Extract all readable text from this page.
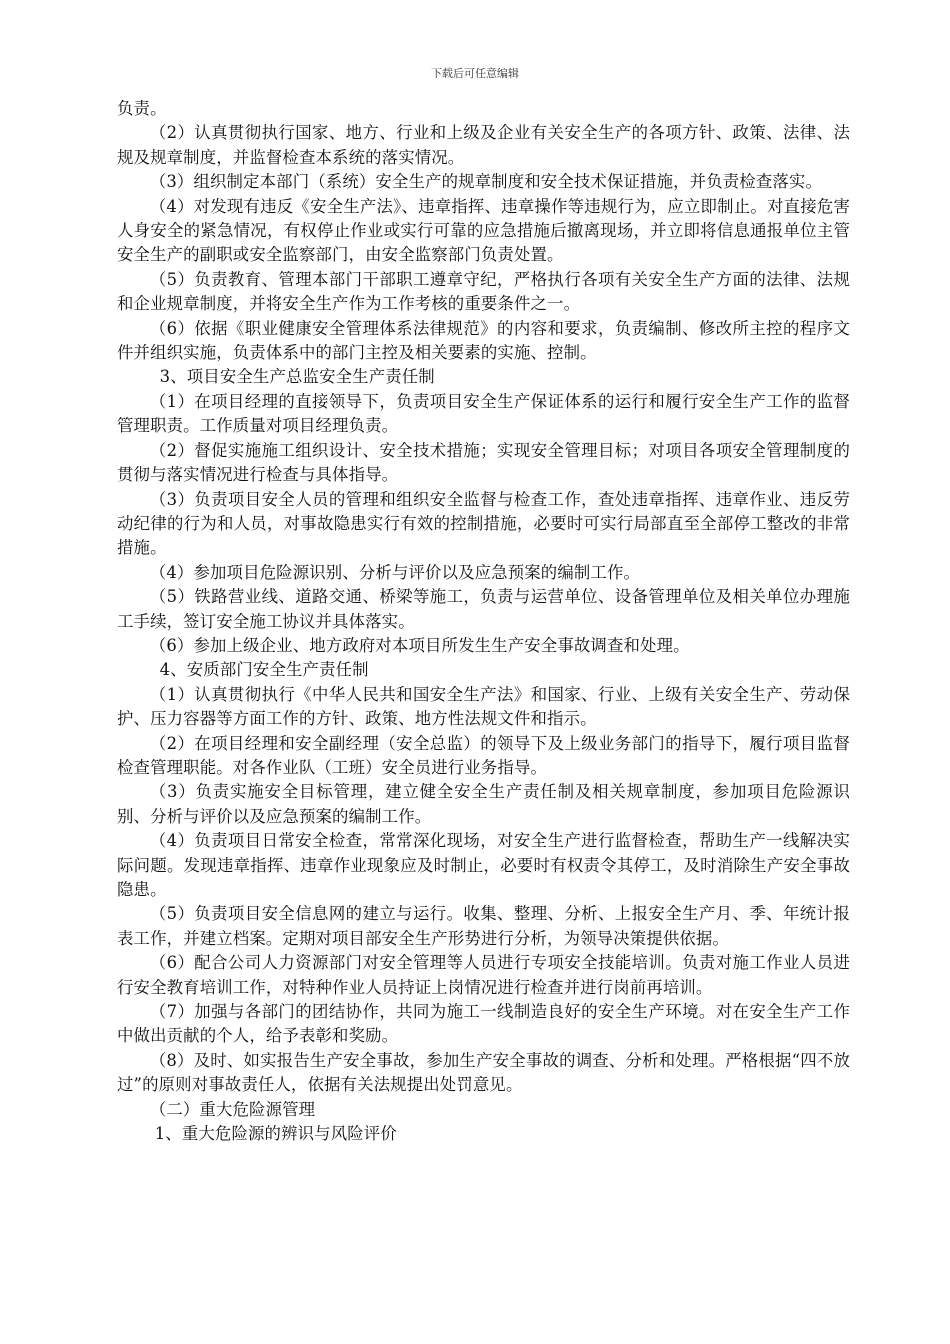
下载后可任意编辑

负责。

（2）认真贯彻执行国家、地方、行业和上级及企业有关安全生产的各项方针、政策、法律、法规及规章制度，并监督检查本系统的落实情况。

（3）组织制定本部门（系统）安全生产的规章制度和安全技术保证措施，并负责检查落实。

（4）对发现有违反《安全生产法》、违章指挥、违章操作等违规行为，应立即制止。对直接危害人身安全的紧急情况，有权停止作业或实行可靠的应急措施后撤离现场，并立即将信息通报单位主管安全生产的副职或安全监察部门，由安全监察部门负责处置。

（5）负责教育、管理本部门干部职工遵章守纪，严格执行各项有关安全生产方面的法律、法规和企业规章制度，并将安全生产作为工作考核的重要条件之一。

（6）依据《职业健康安全管理体系法律规范》的内容和要求，负责编制、修改所主控的程序文件并组织实施，负责体系中的部门主控及相关要素的实施、控制。

3、项目安全生产总监安全生产责任制

（1）在项目经理的直接领导下，负责项目安全生产保证体系的运行和履行安全生产工作的监督管理职责。工作质量对项目经理负责。

（2）督促实施施工组织设计、安全技术措施；实现安全管理目标；对项目各项安全管理制度的贯彻与落实情况进行检查与具体指导。

（3）负责项目安全人员的管理和组织安全监督与检查工作，查处违章指挥、违章作业、违反劳动纪律的行为和人员，对事故隐患实行有效的控制措施，必要时可实行局部直至全部停工整改的非常措施。

（4）参加项目危险源识别、分析与评价以及应急预案的编制工作。

（5）铁路营业线、道路交通、桥梁等施工，负责与运营单位、设备管理单位及相关单位办理施工手续，签订安全施工协议并具体落实。

（6）参加上级企业、地方政府对本项目所发生生产安全事故调查和处理。

4、安质部门安全生产责任制

（1）认真贯彻执行《中华人民共和国安全生产法》和国家、行业、上级有关安全生产、劳动保护、压力容器等方面工作的方针、政策、地方性法规文件和指示。

（2）在项目经理和安全副经理（安全总监）的领导下及上级业务部门的指导下，履行项目监督检查管理职能。对各作业队（工班）安全员进行业务指导。

（3）负责实施安全目标管理，建立健全安全生产责任制及相关规章制度，参加项目危险源识别、分析与评价以及应急预案的编制工作。

（4）负责项目日常安全检查，常常深化现场，对安全生产进行监督检查，帮助生产一线解决实际问题。发现违章指挥、违章作业现象应及时制止，必要时有权责令其停工，及时消除生产安全事故隐患。

（5）负责项目安全信息网的建立与运行。收集、整理、分析、上报安全生产月、季、年统计报表工作，并建立档案。定期对项目部安全生产形势进行分析，为领导决策提供依据。

（6）配合公司人力资源部门对安全管理等人员进行专项安全技能培训。负责对施工作业人员进行安全教育培训工作，对特种作业人员持证上岗情况进行检查并进行岗前再培训。

（7）加强与各部门的团结协作，共同为施工一线制造良好的安全生产环境。对在安全生产工作中做出贡献的个人，给予表彰和奖励。

（8）及时、如实报告生产安全事故，参加生产安全事故的调查、分析和处理。严格根据“四不放过”的原则对事故责任人，依据有关法规提出处罚意见。

（二）重大危险源管理

1、重大危险源的辨识与风险评价
